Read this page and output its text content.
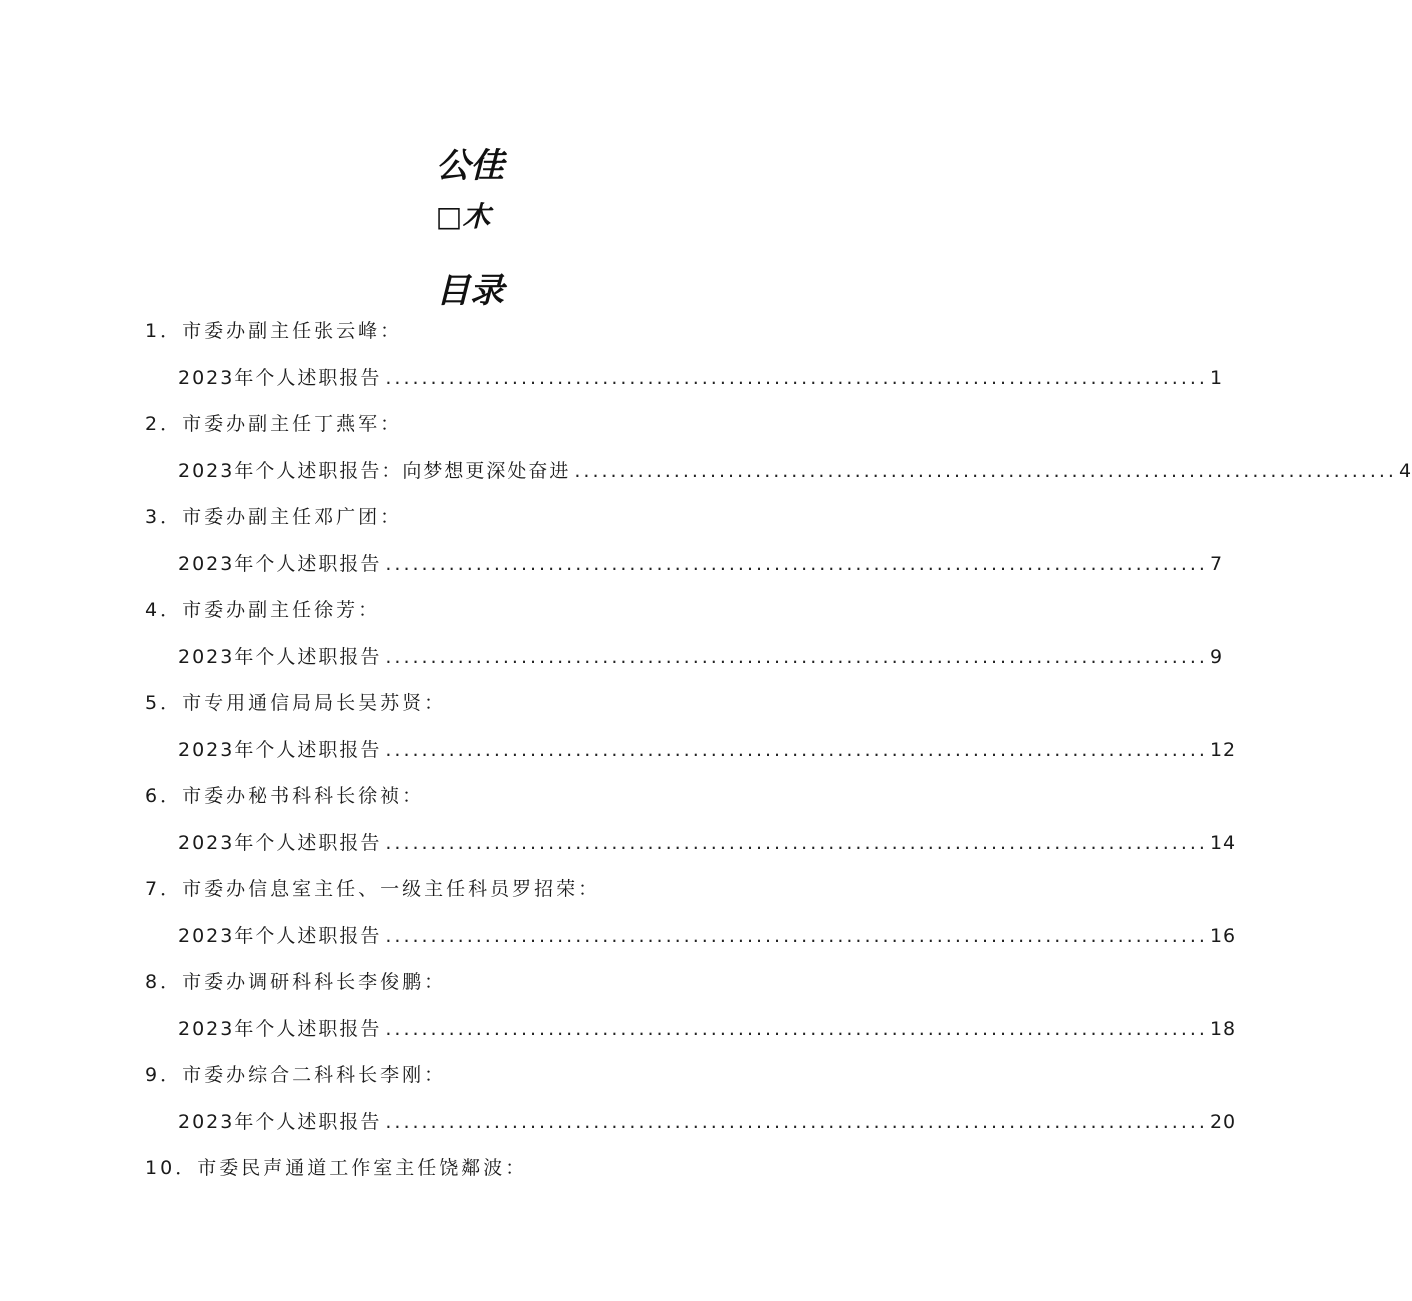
公佳
□木
目录
1．市委办副主任张云峰：
2023年个人述职报告 ........................................................................................... 1
2．市委办副主任丁燕军：
2023年个人述职报告：向梦想更深处奋进 ........................................................................................... 4
3．市委办副主任邓广团：
2023年个人述职报告 ........................................................................................... 7
4．市委办副主任徐芳：
2023年个人述职报告 ........................................................................................... 9
5．市专用通信局局长吴苏贤：
2023年个人述职报告 ........................................................................................... 12
6．市委办秘书科科长徐祯：
2023年个人述职报告 ........................................................................................... 14
7．市委办信息室主任、一级主任科员罗招荣：
2023年个人述职报告 ........................................................................................... 16
8．市委办调研科科长李俊鹏：
2023年个人述职报告 ........................................................................................... 18
9．市委办综合二科科长李刚：
2023年个人述职报告 ........................................................................................... 20
10．市委民声通道工作室主任饶鄰波：
